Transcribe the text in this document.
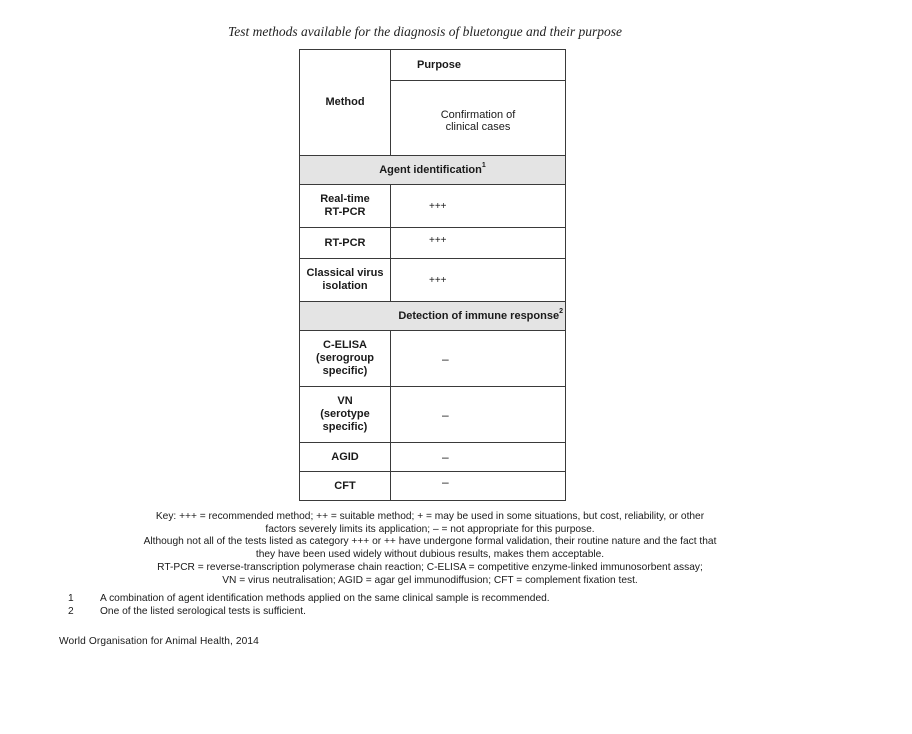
Test methods available for the diagnosis of bluetongue and their purpose
Method	Purpose

	Confirmation of clinical cases

Agent identification$^1$

Real-time RT-PCR	+++
RT-PCR	+++

Classical virus isolation	+++
Detection of immune response$^2$

C-ELISA (serogroup specific)	–

VN (serotype specific)	–
AGID	–
CFT	–
Key: +++ = recommended method; ++ = suitable method; + = may be used in some situations, but cost, reliability, or other
factors severely limits its application; – = not appropriate for this purpose.
Although not all of the tests listed as category +++ or ++ have undergone formal validation, their routine nature and the fact that
they have been used widely without dubious results, makes them acceptable.
RT-PCR = reverse-transcription polymerase chain reaction; C-ELISA = competitive enzyme-linked immunosorbent assay;
VN = virus neutralisation; AGID = agar gel immunodiffusion; CFT = complement fixation test.
1	A combination of agent identification methods applied on the same clinical sample is recommended.
2	One of the listed serological tests is sufficient.
World Organisation for Animal Health, 2014
